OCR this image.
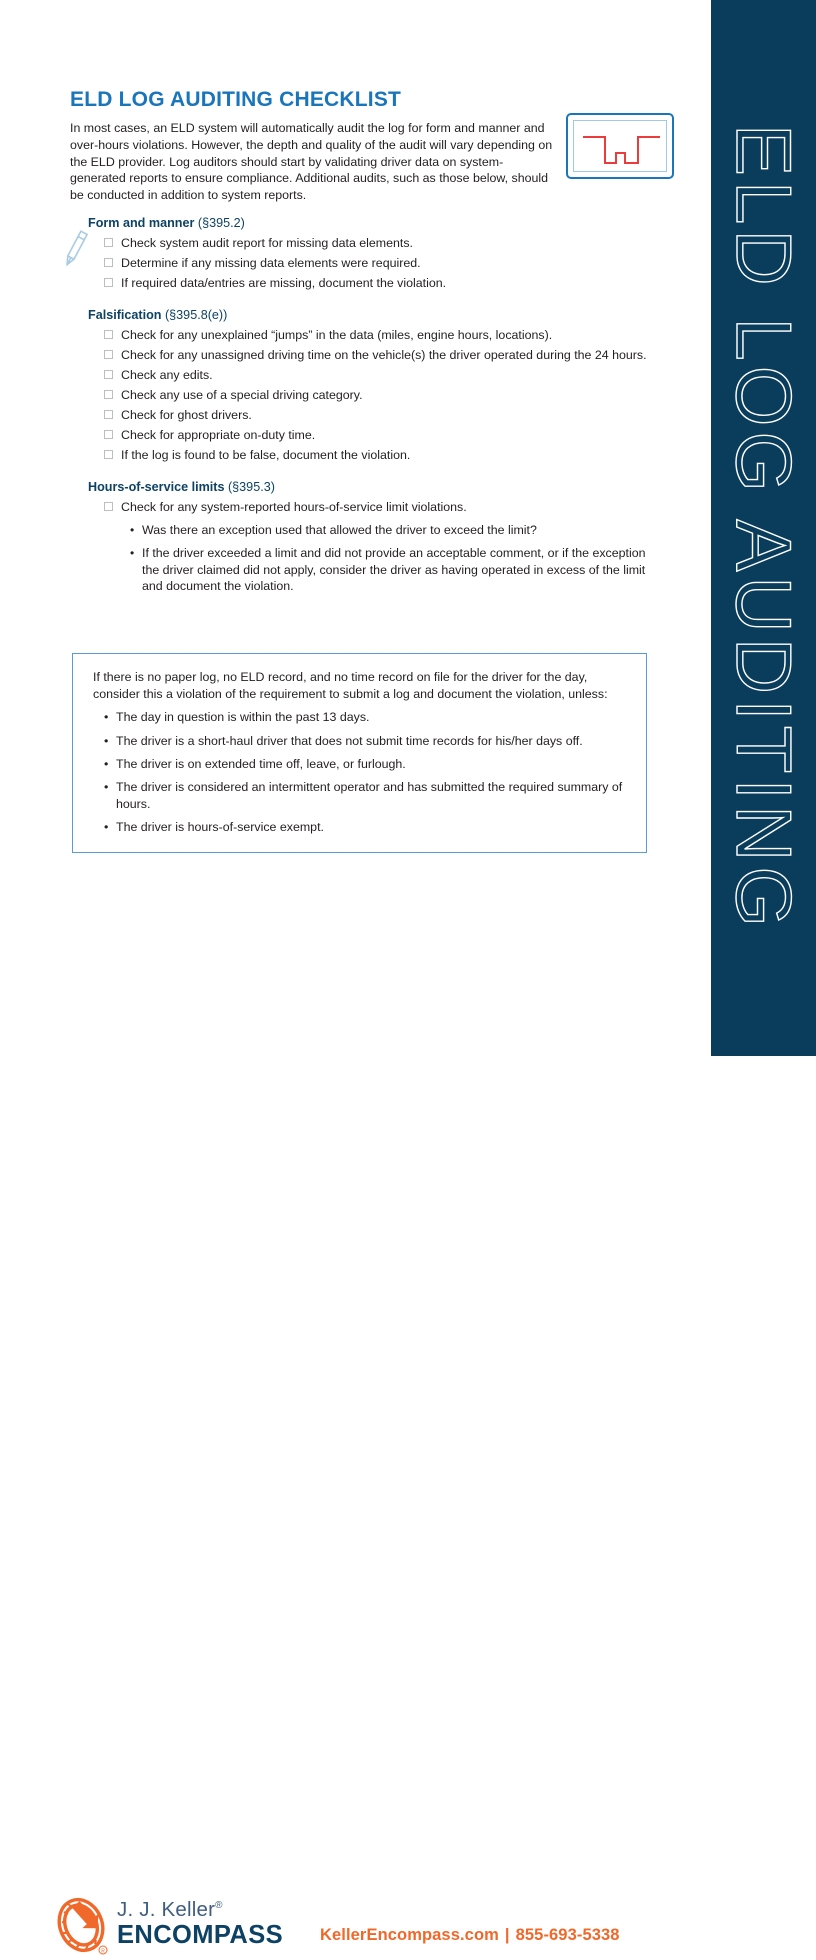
ELD LOG AUDITING CHECKLIST

In most cases, an ELD system will automatically audit the log for form and manner and over-hours violations. However, the depth and quality of the audit will vary depending on the ELD provider. Log auditors should start by validating driver data on system-generated reports to ensure compliance. Additional audits, such as those below, should be conducted in addition to system reports.

Form and manner (§395.2)
Check system audit report for missing data elements.
Determine if any missing data elements were required.
If required data/entries are missing, document the violation.
Falsification (§395.8(e))
Check for any unexplained “jumps” in the data (miles, engine hours, locations).
Check for any unassigned driving time on the vehicle(s) the driver operated during the 24 hours.
Check any edits.
Check any use of a special driving category.
Check for ghost drivers.
Check for appropriate on-duty time.
If the log is found to be false, document the violation.
Hours-of-service limits (§395.3)
Check for any system-reported hours-of-service limit violations.
• Was there an exception used that allowed the driver to exceed the limit?
• If the driver exceeded a limit and did not provide an acceptable comment, or if the exception the driver claimed did not apply, consider the driver as having operated in excess of the limit and document the violation.
If there is no paper log, no ELD record, and no time record on file for the driver for the day, consider this a violation of the requirement to submit a log and document the violation, unless:
• The day in question is within the past 13 days.
• The driver is a short-haul driver that does not submit time records for his/her days off.
• The driver is on extended time off, leave, or furlough.
• The driver is considered an intermittent operator and has submitted the required summary of hours.
• The driver is hours-of-service exempt.
R
J. J. Keller®
ENCOMPASS KellerEncompass.com | 855-693-5338
ELD LOG AUDITING
